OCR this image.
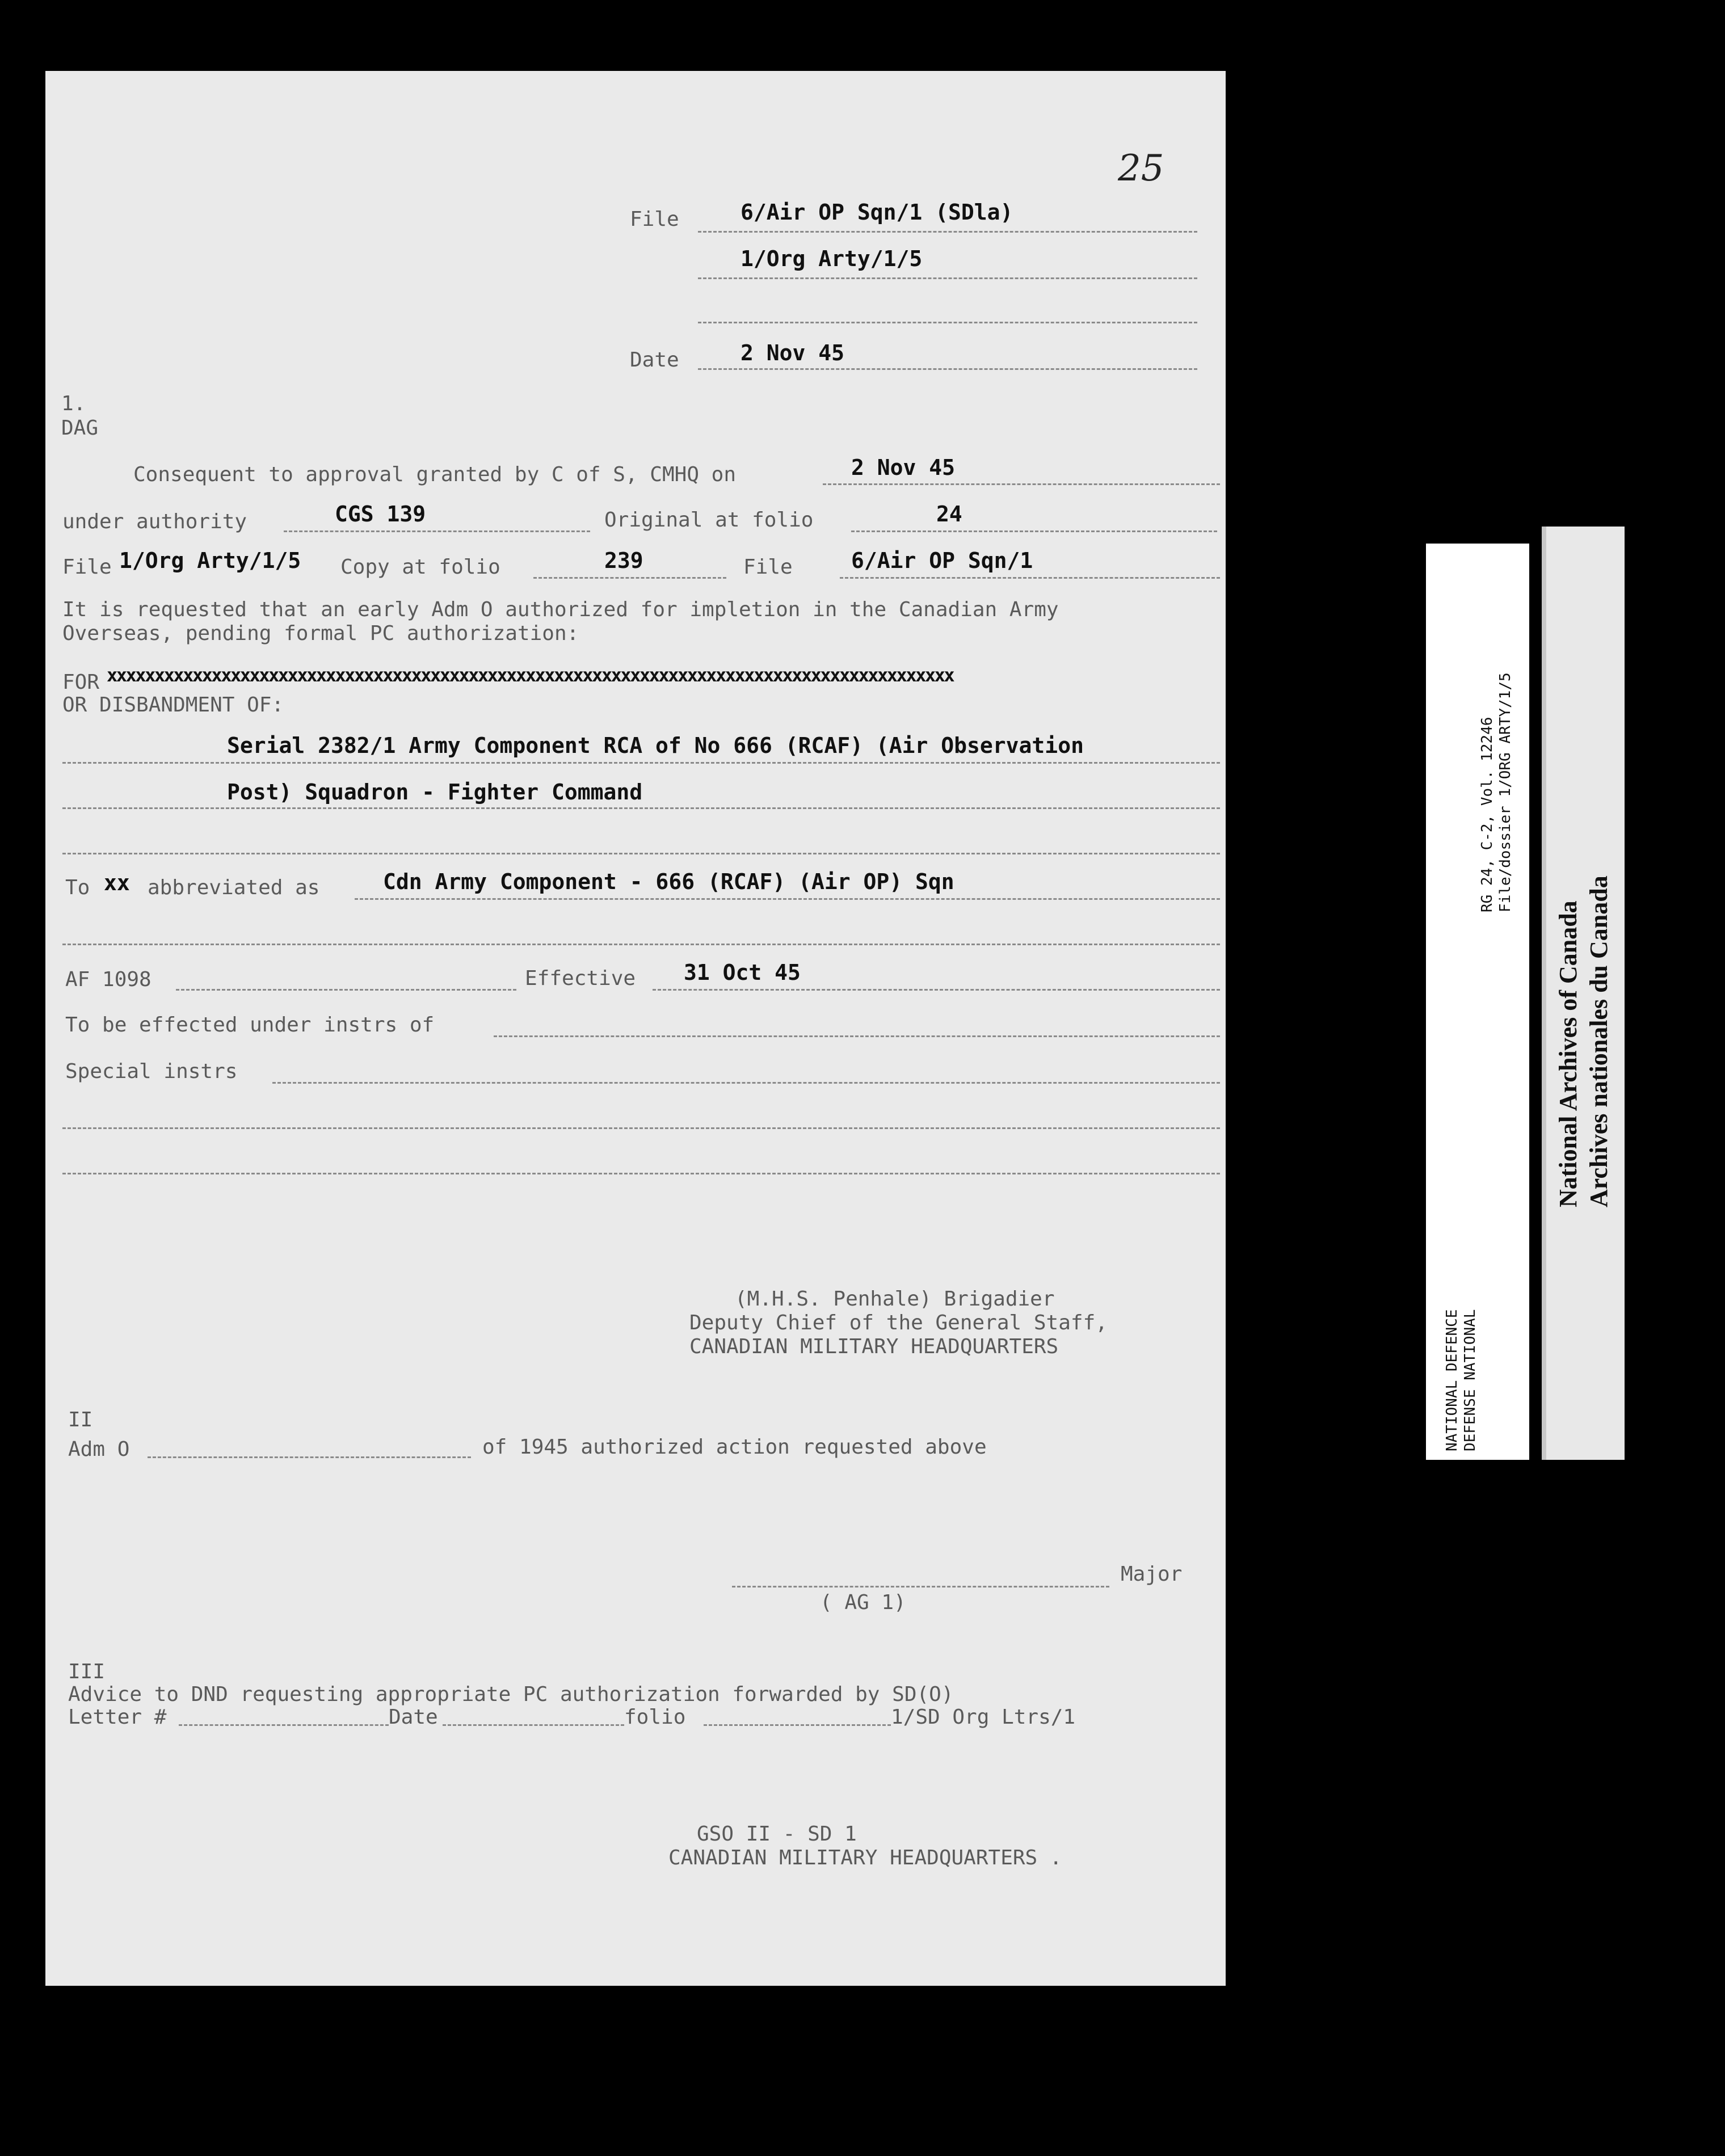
25
File	6/Air OP Sqn/1 (SDla)
1/Org Arty/1/5
Date	2 Nov 45
1.
DAG
Consequent to approval granted by C of S, CMHQ on	2 Nov 45
under authority	CGS 139	Original at folio	24
File 1/Org Arty/1/5 Copy at folio	239	File	6/Air OP Sqn/1
It is requested that an early Adm O authorized for impletion in the Canadian Army
Overseas, pending formal PC authorization:
FOR xxxxxxxxxxxxxxxxxxxxxxxxxxxxxxxxxxxxxxxxxxxxxxxxxxxxxxxxxxxxxxxxxxxxxxxxxxxxxxxxxxxxxxxxx
OR DISBANDMENT OF:
Serial 2382/1 Army Component RCA of No 666 (RCAF) (Air Observation
Post) Squadron - Fighter Command
To xx abbreviated as	Cdn Army Component - 666 (RCAF) (Air OP) Sqn
AF 1098	Effective 31 Oct 45
To be effected under instrs of
Special instrs
(M.H.S. Penhale) Brigadier
Deputy Chief of the General Staff,
CANADIAN MILITARY HEADQUARTERS
II
Adm O	of 1945 authorized action requested above
Major
( AG 1)
III
Advice to DND requesting appropriate PC authorization forwarded by SD(O)
Letter #	Date	folio	1/SD Org Ltrs/1
GSO II - SD 1
CANADIAN MILITARY HEADQUARTERS .
RG 24, C-2, Vol. 12246 File/dossier 1/ORG ARTY/1/5
NATIONAL DEFENCE DEFENSE NATIONAL
National Archives of Canada Archives nationales du Canada
